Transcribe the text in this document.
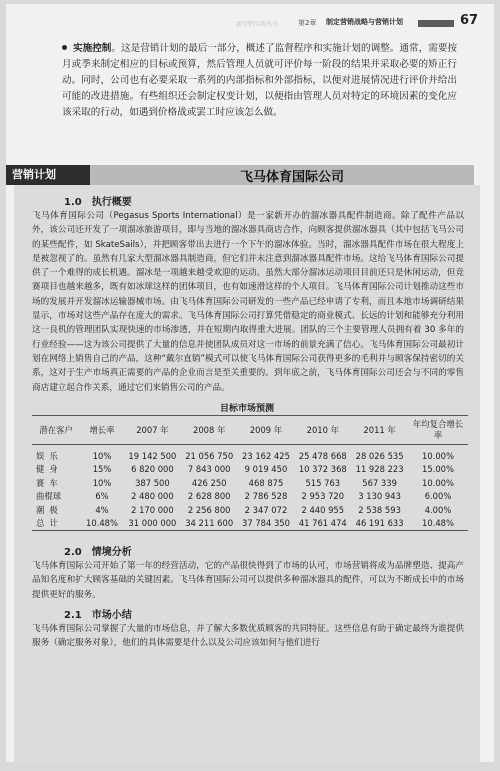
新营销实战丛书	第2章 制定营销战略与营销计划	67

实施控制。这是营销计划的最后一部分，概述了监督程序和实施计划的调整。通常，需要按月或季来制定相应的目标或预算，然后管理人员就可评价每一阶段的结果并采取必要的矫正行动。同时，公司也有必要采取一系列的内部指标和外部指标，以便对进展情况进行评价并给出可能的改进措施。有些组织还会制定权变计划，以便指由管理人员对特定的环境因素的变化应该采取的行动，如遇到价格战或罢工时应该怎么做。

营销计划	飞马体育国际公司
1.0 执行概要

飞马体育国际公司（Pegasus Sports International）是一家新开办的溜冰器具配件制造商。除了配件产品以外，该公司还开发了一项溜冰旅游项目，即与当地的溜冰器具商店合作，向顾客提供溜冰器具（其中包括飞马公司的某些配件，如 SkateSails），并把顾客带出去进行一个下午的溜冰体验。当时，溜冰器具配件市场在很大程度上是被忽视了的。虽然有几家大型溜冰器具制造商，但它们并未注意到溜冰器具配件市场。这给飞马体育国际公司提供了一个难得的成长机遇。溜冰是一项越来越受欢迎的运动。虽然大部分溜冰运动项目目前还只是休闲运动，但竞赛项目也越来越多，既有如冰球这样的团体项目，也有如速滑这样的个人项目。飞马体育国际公司计划推动这些市场的发展并开发溜冰运输器械市场。由飞马体育国际公司研发的一些产品已经申请了专利，而且本地市场调研结果显示，市场对这些产品存在庞大的需求。飞马体育国际公司打算凭借稳定的商业模式、长远的计划和能够充分利用这一良机的管理团队实现快速的市场渗透，并在短期内取得重大进展。团队的三个主要管理人员拥有着 30 多年的行业经验——这为该公司提供了大量的信息并使团队成员对这一市场的前景充满了信心。飞马体育国际公司最初计划在网络上销售自己的产品，这种“戴尔直销”模式可以使飞马体育国际公司获得更多的毛利并与顾客保持密切的关系，这对于生产市场真正需要的产品的企业而言是至关重要的。到年底之前，飞马体育国际公司还会与不同的零售商店建立起合作关系，通过它们来销售公司的产品。

目标市场预测
潜在客户	增长率	2007 年	2008 年	2009 年	2010 年	2011 年	年均复合增长率
娱乐	10%	19 142 500	21 056 750	23 162 425	25 478 668	28 026 535	10.00%
健身	15%	6 820 000	7 843 000	9 019 450	10 372 368	11 928 223	15.00%
赛车	10%	387 500	426 250	468 875	515 763	567 339	10.00%
曲棍球	6%	2 480 000	2 628 800	2 786 528	2 953 720	3 130 943	6.00%
潮极	4%	2 170 000	2 256 800	2 347 072	2 440 955	2 538 593	4.00%
总计	10.48%	31 000 000	34 211 600	37 784 350	41 761 474	46 191 633	10.48%
2.0 情境分析

飞马体育国际公司开始了第一年的经营活动，它的产品很快得到了市场的认可，市场营销将成为品牌塑造、提高产品知名度和扩大顾客基础的关键因素。飞马体育国际公司可以提供多种溜冰器具的配件，可以为不断成长中的市场提供更好的服务。

2.1 市场小结

飞马体育国际公司掌握了大量的市场信息，并了解大多数优质顾客的共同特征。这些信息有助于确定最终为谁提供服务（确定服务对象），他们的具体需要是什么以及公司应该如何与他们进行
